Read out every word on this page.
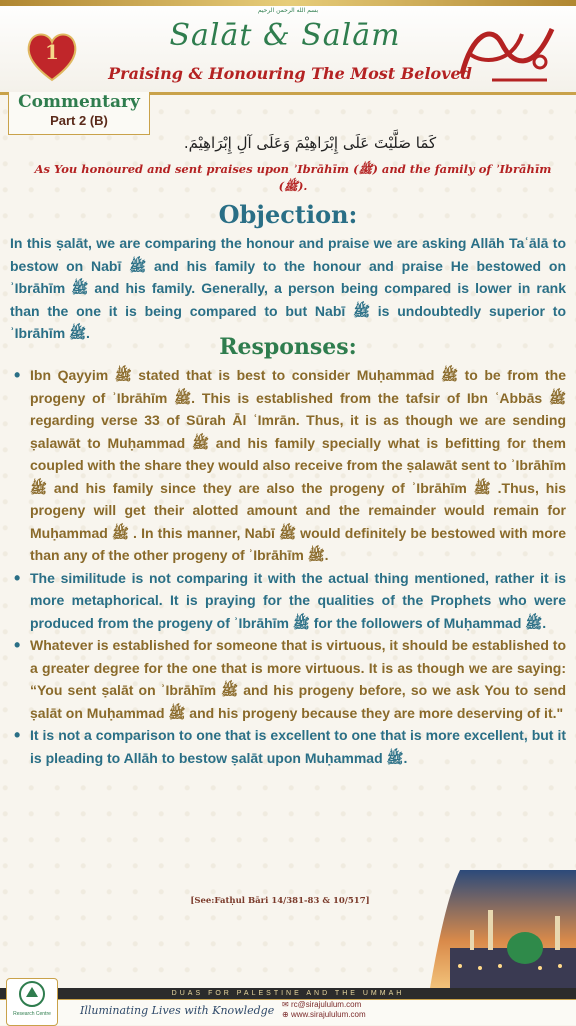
بسم الله الرحمن الرحيم
1	Salāt & Salām
Praising & Honouring The Most Beloved
Commentary
Part 2 (B)
كَمَا صَلَّيْتَ عَلَى إِبْرَاهِيْمَ وَعَلَى آلِ إِبْرَاهِيْمَ.
As You honoured and sent praises upon ʾIbrāhīm (ﷺ) and the family of ʾIbrāhīm (ﷺ).
Objection:

In this ṣalāt, we are comparing the honour and praise we are asking Allāh Taʿālā to bestow on Nabī ﷺ and his family to the honour and praise He bestowed on ʾIbrāhīm ﷺ and his family. Generally, a person being compared is lower in rank than the one it is being compared to but Nabī ﷺ is undoubtedly superior to ʾIbrāhīm ﷺ.

Responses:
• Ibn Qayyim ﷺ stated that is best to consider Muḥammad ﷺ to be from the progeny of ʾIbrāhīm ﷺ. This is established from the tafsir of Ibn ʿAbbās ﷺ regarding verse 33 of Sūrah Āl ʿImrān. Thus, it is as though we are sending ṣalawāt to Muḥammad ﷺ and his family specially what is befitting for them coupled with the share they would also receive from the ṣalawāt sent to ʾIbrāhīm ﷺ and his family since they are also the progeny of ʾIbrāhīm ﷺ .Thus, his progeny will get their alotted amount and the remainder would remain for Muḥammad ﷺ . In this manner, Nabī ﷺ would definitely be bestowed with more than any of the other progeny of ʾIbrāhīm ﷺ.
• The similitude is not comparing it with the actual thing mentioned, rather it is more metaphorical. It is praying for the qualities of the Prophets who were produced from the progeny of ʾIbrāhīm ﷺ for the followers of Muḥammad ﷺ.
• Whatever is established for someone that is virtuous, it should be established to a greater degree for the one that is more virtuous. It is as though we are saying: “You sent ṣalāt on ʾIbrāhīm ﷺ and his progeny before, so we ask You to send ṣalāt on Muḥammad ﷺ and his progeny because they are more deserving of it."
• It is not a comparison to one that is excellent to one that is more excellent, but it is pleading to Allāh to bestow ṣalāt upon Muḥammad ﷺ.
[See:Fatḥul Bāri 14/381-83 & 10/517]
DUAS FOR PALESTINE AND THE UMMAH
Research Centre	Illuminating Lives with Knowledge ✉ rc@sirajululum.com
⊕ www.sirajululum.com
